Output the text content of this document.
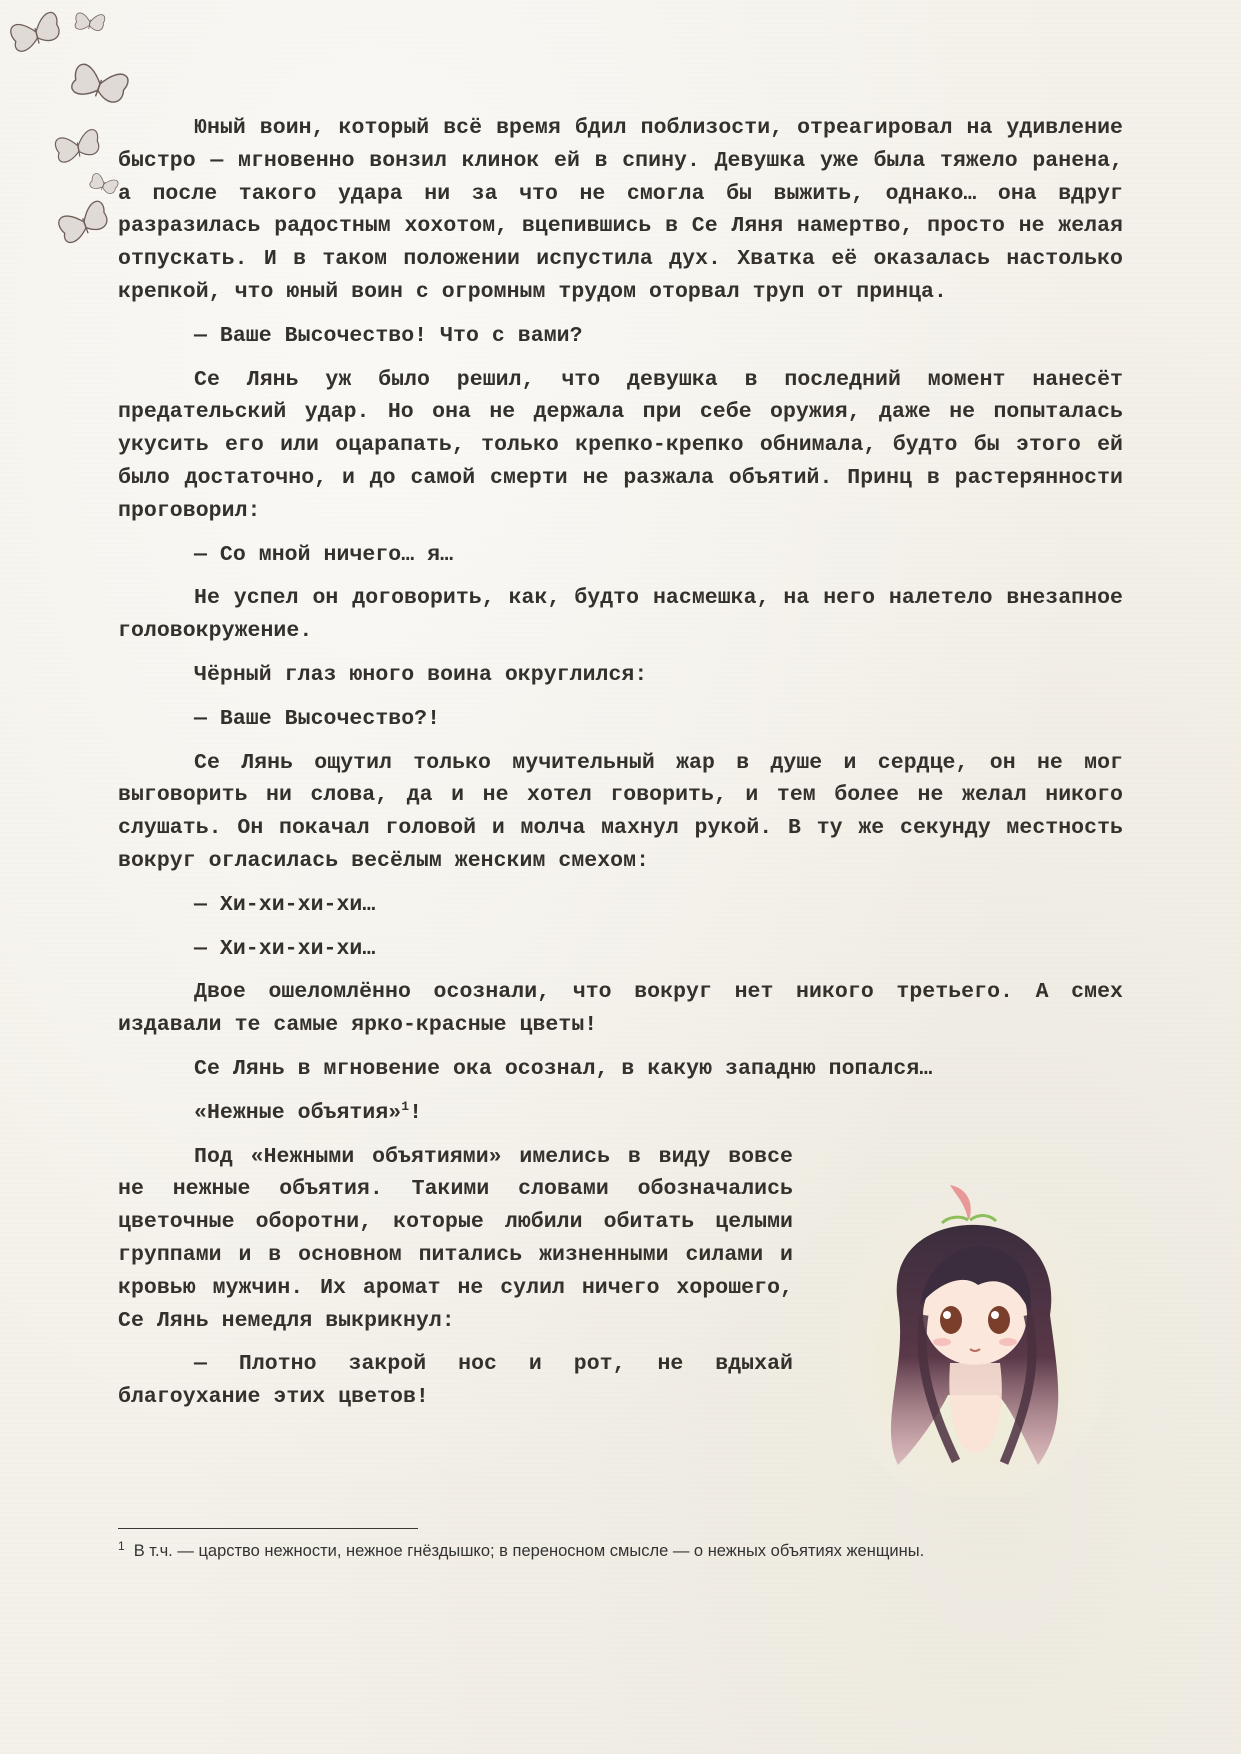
Юный воин, который всё время бдил поблизости, отреагировал на удивление быстро — мгновенно вонзил клинок ей в спину. Девушка уже была тяжело ранена, а после такого удара ни за что не смогла бы выжить, однако… она вдруг разразилась радостным хохотом, вцепившись в Се Ляня намертво, просто не желая отпускать. И в таком положении испустила дух. Хватка её оказалась настолько крепкой, что юный воин с огромным трудом оторвал труп от принца.

— Ваше Высочество! Что с вами?

Се Лянь уж было решил, что девушка в последний момент нанесёт предательский удар. Но она не держала при себе оружия, даже не попыталась укусить его или оцарапать, только крепко-крепко обнимала, будто бы этого ей было достаточно, и до самой смерти не разжала объятий. Принц в растерянности проговорил:

— Со мной ничего… я…

Не успел он договорить, как, будто насмешка, на него налетело внезапное головокружение.

Чёрный глаз юного воина округлился:

— Ваше Высочество?!

Се Лянь ощутил только мучительный жар в душе и сердце, он не мог выговорить ни слова, да и не хотел говорить, и тем более не желал никого слушать. Он покачал головой и молча махнул рукой. В ту же секунду местность вокруг огласилась весёлым женским смехом:

— Хи-хи-хи-хи…

— Хи-хи-хи-хи…

Двое ошеломлённо осознали, что вокруг нет никого третьего. А смех издавали те самые ярко-красные цветы!

Се Лянь в мгновение ока осознал, в какую западню попался…

«Нежные объятия»$^1$!

Под «Нежными объятиями» имелись в виду вовсе не нежные объятия. Такими словами обозначались цветочные оборотни, которые любили обитать целыми группами и в основном питались жизненными силами и кровью мужчин. Их аромат не сулил ничего хорошего, Се Лянь немедля выкрикнул:

— Плотно закрой нос и рот, не вдыхай благоухание этих цветов!

$^1$ В т.ч. — царство нежности, нежное гнёздышко; в переносном смысле — о нежных объятиях женщины.
